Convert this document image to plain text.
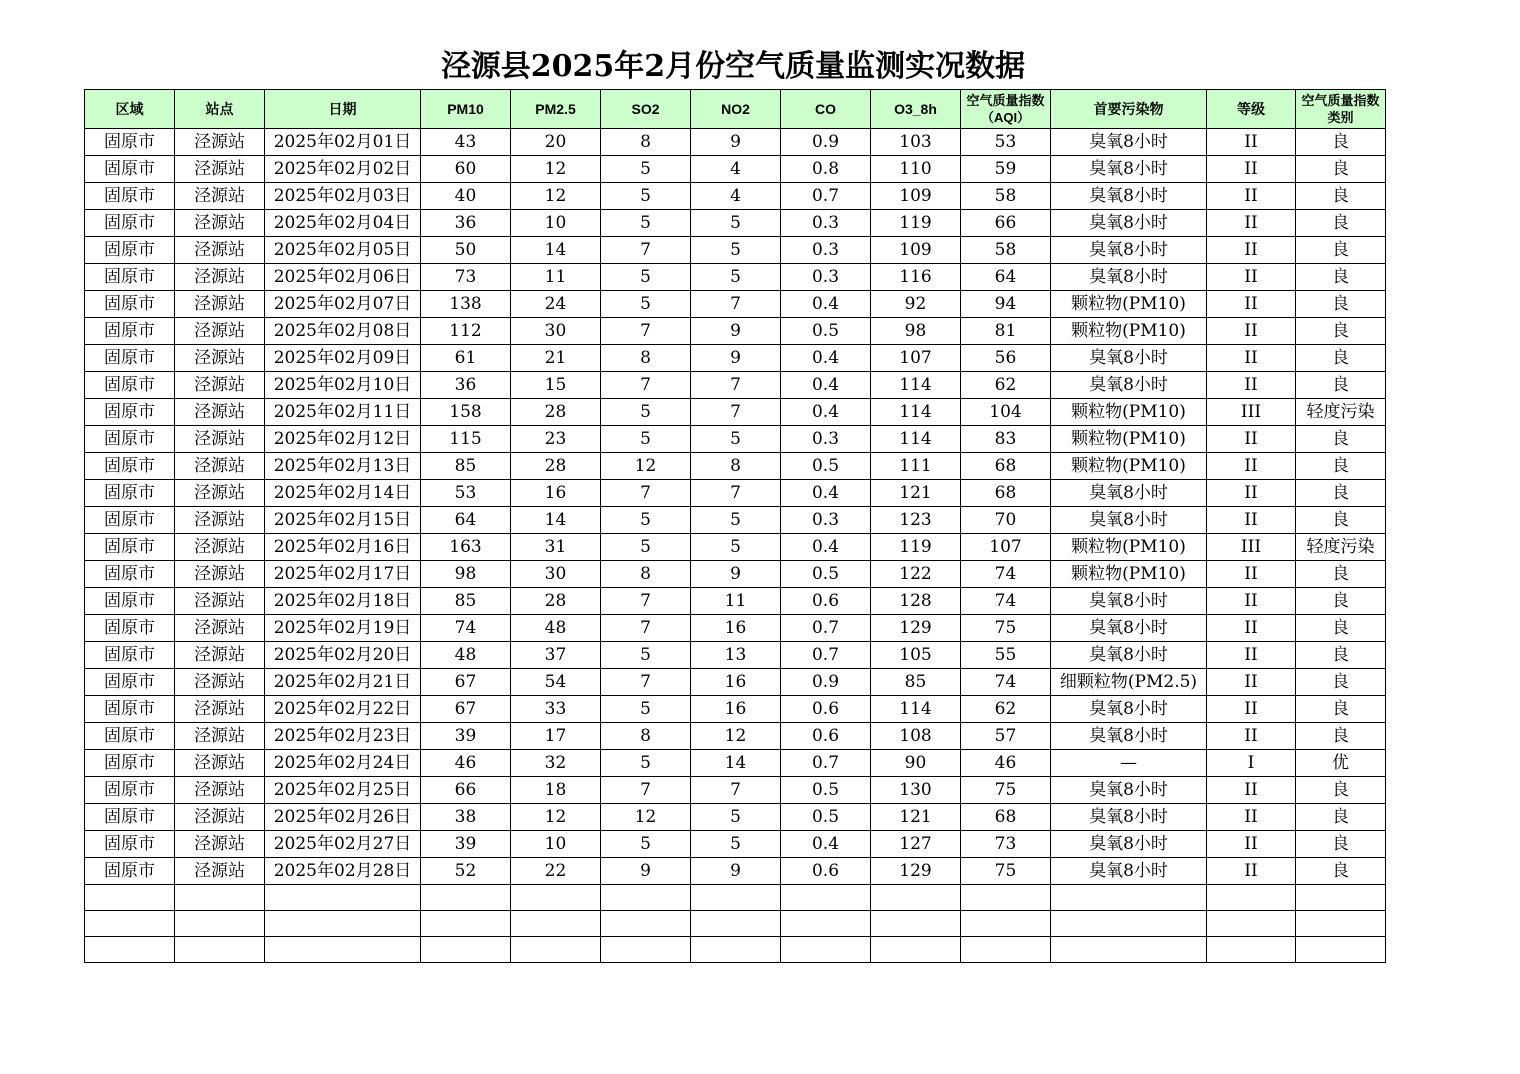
泾源县2025年2月份空气质量监测实况数据
区域	站点	日期	PM10	PM2.5	SO2	NO2	CO	O3_8h	空气质量指数（AQI）	首要污染物	等级	空气质量指数类别
固原市	泾源站	2025年02月01日	43	20	8	9	0.9	103	53	臭氧8小时	II	良
固原市	泾源站	2025年02月02日	60	12	5	4	0.8	110	59	臭氧8小时	II	良
固原市	泾源站	2025年02月03日	40	12	5	4	0.7	109	58	臭氧8小时	II	良
固原市	泾源站	2025年02月04日	36	10	5	5	0.3	119	66	臭氧8小时	II	良
固原市	泾源站	2025年02月05日	50	14	7	5	0.3	109	58	臭氧8小时	II	良
固原市	泾源站	2025年02月06日	73	11	5	5	0.3	116	64	臭氧8小时	II	良
固原市	泾源站	2025年02月07日	138	24	5	7	0.4	92	94	颗粒物(PM10)	II	良
固原市	泾源站	2025年02月08日	112	30	7	9	0.5	98	81	颗粒物(PM10)	II	良
固原市	泾源站	2025年02月09日	61	21	8	9	0.4	107	56	臭氧8小时	II	良
固原市	泾源站	2025年02月10日	36	15	7	7	0.4	114	62	臭氧8小时	II	良
固原市	泾源站	2025年02月11日	158	28	5	7	0.4	114	104	颗粒物(PM10)	III	轻度污染
固原市	泾源站	2025年02月12日	115	23	5	5	0.3	114	83	颗粒物(PM10)	II	良
固原市	泾源站	2025年02月13日	85	28	12	8	0.5	111	68	颗粒物(PM10)	II	良
固原市	泾源站	2025年02月14日	53	16	7	7	0.4	121	68	臭氧8小时	II	良
固原市	泾源站	2025年02月15日	64	14	5	5	0.3	123	70	臭氧8小时	II	良
固原市	泾源站	2025年02月16日	163	31	5	5	0.4	119	107	颗粒物(PM10)	III	轻度污染
固原市	泾源站	2025年02月17日	98	30	8	9	0.5	122	74	颗粒物(PM10)	II	良
固原市	泾源站	2025年02月18日	85	28	7	11	0.6	128	74	臭氧8小时	II	良
固原市	泾源站	2025年02月19日	74	48	7	16	0.7	129	75	臭氧8小时	II	良
固原市	泾源站	2025年02月20日	48	37	5	13	0.7	105	55	臭氧8小时	II	良
固原市	泾源站	2025年02月21日	67	54	7	16	0.9	85	74	细颗粒物(PM2.5)	II	良
固原市	泾源站	2025年02月22日	67	33	5	16	0.6	114	62	臭氧8小时	II	良
固原市	泾源站	2025年02月23日	39	17	8	12	0.6	108	57	臭氧8小时	II	良
固原市	泾源站	2025年02月24日	46	32	5	14	0.7	90	46	—	I	优
固原市	泾源站	2025年02月25日	66	18	7	7	0.5	130	75	臭氧8小时	II	良
固原市	泾源站	2025年02月26日	38	12	12	5	0.5	121	68	臭氧8小时	II	良
固原市	泾源站	2025年02月27日	39	10	5	5	0.4	127	73	臭氧8小时	II	良
固原市	泾源站	2025年02月28日	52	22	9	9	0.6	129	75	臭氧8小时	II	良
